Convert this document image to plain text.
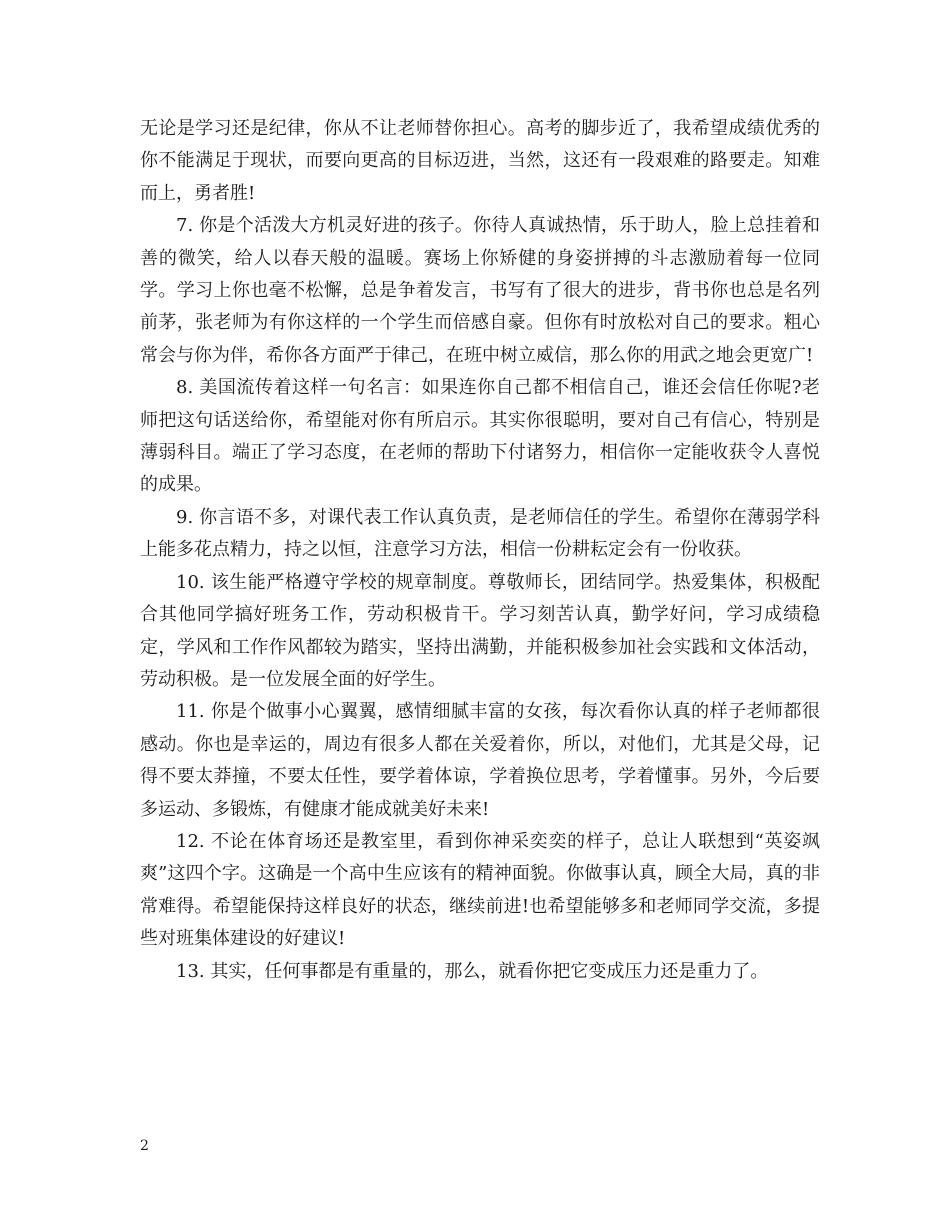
无论是学习还是纪律，你从不让老师替你担心。高考的脚步近了，我希望成绩优秀的你不能满足于现状，而要向更高的目标迈进，当然，这还有一段艰难的路要走。知难而上，勇者胜!

7. 你是个活泼大方机灵好进的孩子。你待人真诚热情，乐于助人，脸上总挂着和善的微笑，给人以春天般的温暖。赛场上你矫健的身姿拼搏的斗志激励着每一位同学。学习上你也毫不松懈，总是争着发言，书写有了很大的进步，背书你也总是名列前茅，张老师为有你这样的一个学生而倍感自豪。但你有时放松对自己的要求。粗心常会与你为伴，希你各方面严于律己，在班中树立威信，那么你的用武之地会更宽广!

8. 美国流传着这样一句名言：如果连你自己都不相信自己，谁还会信任你呢?老师把这句话送给你，希望能对你有所启示。其实你很聪明，要对自己有信心，特别是薄弱科目。端正了学习态度，在老师的帮助下付诸努力，相信你一定能收获令人喜悦的成果。

9. 你言语不多，对课代表工作认真负责，是老师信任的学生。希望你在薄弱学科上能多花点精力，持之以恒，注意学习方法，相信一份耕耘定会有一份收获。

10. 该生能严格遵守学校的规章制度。尊敬师长，团结同学。热爱集体，积极配合其他同学搞好班务工作，劳动积极肯干。学习刻苦认真，勤学好问，学习成绩稳定，学风和工作作风都较为踏实，坚持出满勤，并能积极参加社会实践和文体活动，劳动积极。是一位发展全面的好学生。

11. 你是个做事小心翼翼，感情细腻丰富的女孩，每次看你认真的样子老师都很感动。你也是幸运的，周边有很多人都在关爱着你，所以，对他们，尤其是父母，记得不要太莽撞，不要太任性，要学着体谅，学着换位思考，学着懂事。另外，今后要多运动、多锻炼，有健康才能成就美好未来!

12. 不论在体育场还是教室里，看到你神采奕奕的样子，总让人联想到“英姿飒爽”这四个字。这确是一个高中生应该有的精神面貌。你做事认真，顾全大局，真的非常难得。希望能保持这样良好的状态，继续前进!也希望能够多和老师同学交流，多提些对班集体建设的好建议!

13. 其实，任何事都是有重量的，那么，就看你把它变成压力还是重力了。

2
